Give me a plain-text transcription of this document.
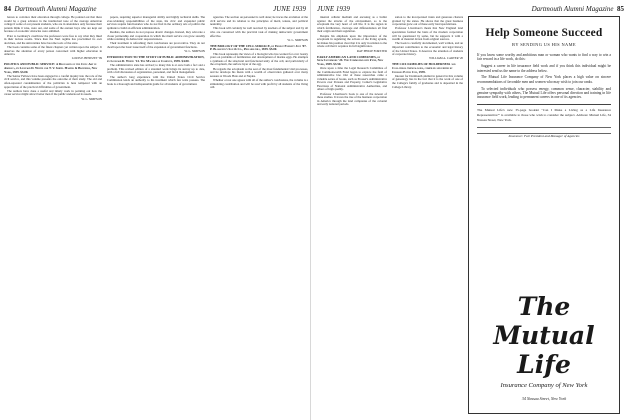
84 Dartmouth Alumni Magazine	JUNE 1939

fences to convince their education through college. He pointed out that there would be a great advance in the intellectual tone of the average American college if some of our present students, who are in attendance only because their parents think it wise, were out, and some of the earnest boys who are kept out because of economic obstacles were admitted.

Prior to Germany's overthrow the professors were free to say what they liked in their lecture rooms. Since then the Nazi regime has proclaimed its own doctrines, and the universities have become tools of the state.

The book contains some of the finest chapters yet written upon the subject. It deserves the attention of every person concerned with higher education in America.

LOUIS P. BENEZET '99

POLITICS AND PUBLIC SERVICE: A Discussion of the Civic Art in America, by Leonard D. White and T. V. Smith. Harper & Brothers, New York, 1939. $3.00.

The Senior Fellows have been engaged in a careful inquiry into the role of the civil service, and this volume presents the outcome of their study. The old and often-repeated condemnation of the politician is here tempered with an appreciation of the practical difficulties of government.

The authors have done a useful and timely work in pointing out how the career service might attract better men if the public understood its needs.

W. L. SIMPSON

papers, requiring superior managerial ability and highly technical skills. The ever-widening responsibilities of the state, his civic and expanded public services require functionaries who do not find in the ordinary arts of politics the aptitude to build an efficient administration.

Realists, the authors do not propose drastic changes. Instead, they advocate a closer partnership and cooperation in which the merit service can grow steadily while retaining its democratic responsiveness.

Their treatment is refreshing; their conclusions are provocative. They do not dwell upon the basic issue itself of the expansion of government functions.

W. L. SIMPSON

INTRODUCTION TO THE STUDY OF PUBLIC ADMINISTRATION, by Leonard D. White '14. The Macmillan Company, 1939. $4.00.

The administrative state has arrived; to many this is at once both a fact and a problem. This revised edition of a standard work brings its survey up to date, with a full discussion of organization, personnel, and fiscal management.

The author's long experience with the United States Civil Service Commission lends an authority to his treatment which few texts possess. The book is a thorough and indispensable guide for all students of government.

agencies. The section on personnel is well done; he traces the evolution of the civil service and its relation to the principles of merit, tenure, and political neutrality.

This book will certainly be well received by teachers of the subject and by all who are concerned with the practical task of making democratic government effective.

W. L. SIMPSON

THE BIOLOGY OF THE CELL SURFACE, by Ernest Everett Just '07. P. Blakiston's Son & Co., Philadelphia, 1939. $5.00.

This book represents the views of a biologist who has worked for over twenty years on problems of fertilization and development of marine eggs. He attempts a synthesis of the structural and functional unity of the cell, and particularly of the ectoplasm, the surface layer of the egg.

He regards the ectoplasm as the seat of the most fundamental vital processes, and he develops his thesis with a wealth of observation gathered over many seasons at Woods Hole and at Naples.

Whether or not one agrees with all of the author's conclusions, the volume is a stimulating contribution and will be read with profit by all students of the living cell.

JUNE 1939	Dartmouth Alumni Magazine 85

internal cellular medium and encasing as a buffer against the attacks of the environment, so is the ectoplasm the very heart of cell life. It is the region in which fertilization, cleavage and differentiation all find their origin and their regulation.

Despite his emphasis upon the importance of the ectoplasm in regulating the actions of the living system, he makes his position clear that it is only in relation to the whole cell that it acquires its full significance.

RAY PHILIP FORSTER

EARLY AMERICAN LAND COMPANIES, by Shaw Livermore '24. The Commonwealth Fund, New York, 1939. $3.50.

Once upon a time the Legal Research Committee of the Commonwealth Fund began to explore the field of administrative law. Out of these researches came a valuable series of books, such as Prosser's Administrative Powers over Persons and Property, Comer's Legislative Functions of National Administrative Authorities, and others of high quality.

Professor Livermore's book is one of the newest of these studies. It traces the rise of the business corporation in America through the land companies of the colonial and early national periods.

sation to the incorporated trusts and generous charters granted by the states. He shows that the great business corporation grew out of these early land speculations.

Professor Livermore's thesis that New England land speculation formed the basis of the modern corporation will be questioned by some, but he supports it with a wealth of material drawn from original sources.

The book is carefully documented, well written, and an important contribution to the economic and legal history of the United States. It deserves the attention of students of corporate history.

WILLIAM A. CARTER '20

THE COX FAMILIES OF HOLDERNESS and Collateral Genealogies, compiled and edited by Charles Eaton Cox, 1939.

Interest for Dartmouth alumni in general in this volume of genealogy lies in the fact that it is the work of one of the College's family of graduates and is deposited in the College Library.

Help Someone Succeed
BY SENDING US HIS NAME

If you know some worthy and ambitious man or woman who wants to find a way to win a fair reward in a life work, do this:

Suggest a career in life insurance field work and if you think this individual might be interested send us the name to the address below.

The Mutual Life Insurance Company of New York places a high value on sincere recommendations of favorable men and women who may wish to join our ranks.

To selected individuals who possess energy, common sense, character, stability and genuine sympathy with others, The Mutual Life offers personal direction and training in life insurance field work, leading to permanent careers in one of its agencies.

The Mutual Life's new 35-page booklet "Can I Make a Living as a Life Insurance Representative?" is available to those who wish to consider the subject. Address: Mutual Life, 34 Nassau Street, New York.
Insurance: Fair President and Manager of Agencies
The Mutual Life
Insurance Company of New York
34 Nassau Street, New York
